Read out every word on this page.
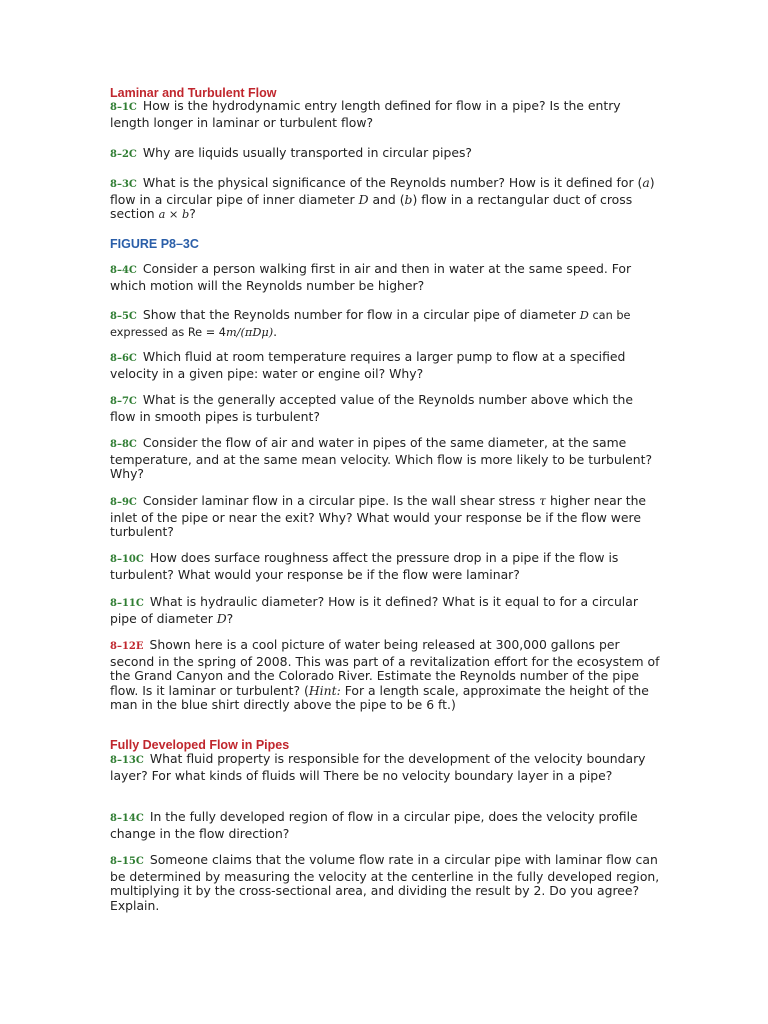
Laminar and Turbulent Flow
8–1C How is the hydrodynamic entry length defined for flow in a pipe? Is the entry length longer in laminar or turbulent flow?
8–2C Why are liquids usually transported in circular pipes?
8–3C What is the physical significance of the Reynolds number? How is it defined for (a) flow in a circular pipe of inner diameter D and (b) flow in a rectangular duct of cross section a × b?
FIGURE P8–3C
8–4C Consider a person walking first in air and then in water at the same speed. For which motion will the Reynolds number be higher?
8–5C Show that the Reynolds number for flow in a circular pipe of diameter D can be expressed as Re = 4m/(πDμ).
8–6C Which fluid at room temperature requires a larger pump to flow at a specified velocity in a given pipe: water or engine oil? Why?
8–7C What is the generally accepted value of the Reynolds number above which the flow in smooth pipes is turbulent?
8–8C Consider the flow of air and water in pipes of the same diameter, at the same temperature, and at the same mean velocity. Which flow is more likely to be turbulent? Why?
8–9C Consider laminar flow in a circular pipe. Is the wall shear stress τ higher near the inlet of the pipe or near the exit? Why? What would your response be if the flow were turbulent?
8–10C How does surface roughness affect the pressure drop in a pipe if the flow is turbulent? What would your response be if the flow were laminar?
8–11C What is hydraulic diameter? How is it defined? What is it equal to for a circular pipe of diameter D?
8–12E Shown here is a cool picture of water being released at 300,000 gallons per second in the spring of 2008. This was part of a revitalization effort for the ecosystem of the Grand Canyon and the Colorado River. Estimate the Reynolds number of the pipe flow. Is it laminar or turbulent? (Hint: For a length scale, approximate the height of the man in the blue shirt directly above the pipe to be 6 ft.)
Fully Developed Flow in Pipes
8–13C What fluid property is responsible for the development of the velocity boundary layer? For what kinds of fluids will There be no velocity boundary layer in a pipe?
8–14C In the fully developed region of flow in a circular pipe, does the velocity profile change in the flow direction?
8–15C Someone claims that the volume flow rate in a circular pipe with laminar flow can be determined by measuring the velocity at the centerline in the fully developed region, multiplying it by the cross-sectional area, and dividing the result by 2. Do you agree? Explain.
